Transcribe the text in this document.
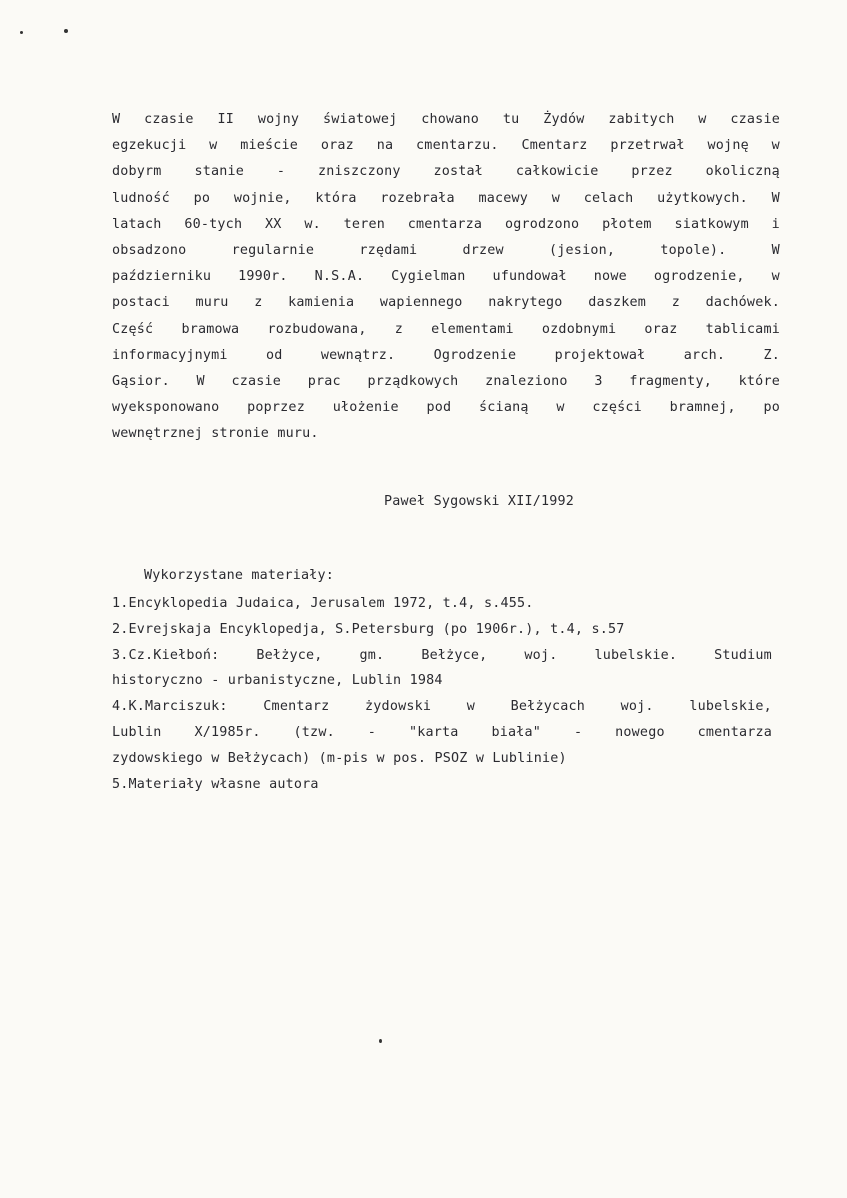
W czasie II wojny światowej chowano tu Żydów zabitych w czasie
egzekucji w mieście oraz na cmentarzu. Cmentarz przetrwał wojnę w
dobyrm stanie - zniszczony został całkowicie przez okoliczną
ludność po wojnie, która rozebrała macewy w celach użytkowych. W
latach 60-tych XX w. teren cmentarza ogrodzono płotem siatkowym i
obsadzono	regularnie	rzędami	drzew	(jesion,	topole).	W
październiku 1990r. N.S.A. Cygielman ufundował nowe ogrodzenie, w
postaci muru z kamienia wapiennego nakrytego daszkem z dachówek.
Część bramowa rozbudowana, z elementami ozdobnymi oraz tablicami
informacyjnymi	od	wewnątrz.	Ogrodzenie	projektował	arch.	Z.
Gąsior. W czasie prac prządkowych znaleziono 3 fragmenty, które
wyeksponowano poprzez ułożenie pod ścianą w części bramnej, po
wewnętrznej stronie muru.
Paweł Sygowski XII/1992
Wykorzystane materiały:
1.Encyklopedia Judaica, Jerusalem 1972, t.4, s.455.
2.Evrejskaja Encyklopedja, S.Petersburg (po 1906r.), t.4, s.57
3.Cz.Kiełboń:	Bełżyce,	gm.	Bełżyce,	woj.	lubelskie.	Studium
historyczno - urbanistyczne, Lublin 1984
4.K.Marciszuk:	Cmentarz	żydowski	w	Bełżycach	woj.	lubelskie,
Lublin X/1985r. (tzw. - "karta biała" - nowego cmentarza
zydowskiego w Bełżycach) (m-pis w pos. PSOZ w Lublinie)
5.Materiały własne autora
